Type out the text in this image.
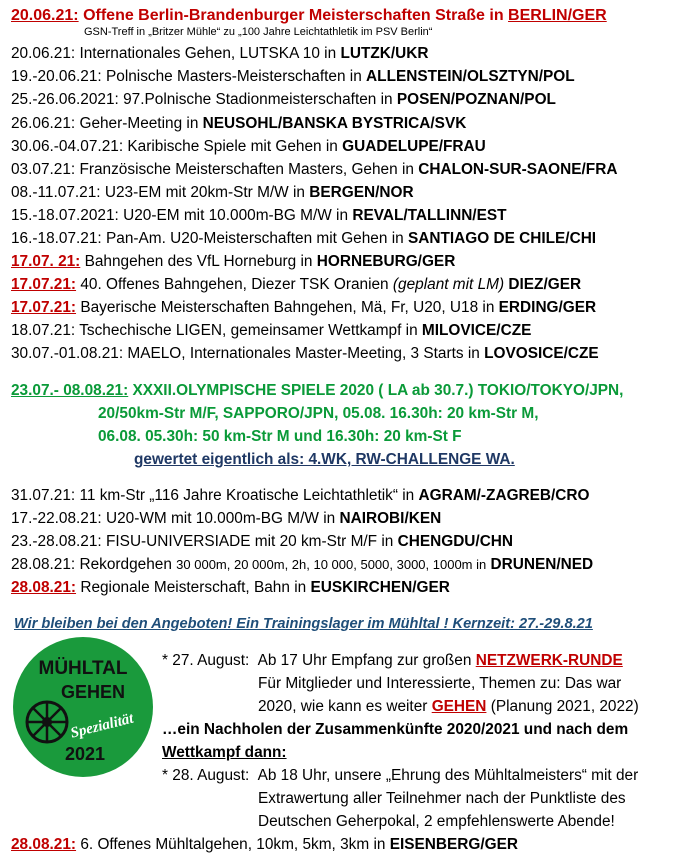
20.06.21: Offene Berlin-Brandenburger Meisterschaften Straße in BERLIN/GER
GSN-Treff in „Britzer Mühle“ zu „100 Jahre Leichtathletik im PSV Berlin“
20.06.21: Internationales Gehen, LUTSKA 10 in LUTZK/UKR
19.-20.06.21: Polnische Masters-Meisterschaften in ALLENSTEIN/OLSZTYN/POL
25.-26.06.2021: 97.Polnische Stadionmeisterschaften in POSEN/POZNAN/POL
26.06.21: Geher-Meeting in NEUSOHL/BANSKA BYSTRICA/SVK
30.06.-04.07.21: Karibische Spiele mit Gehen in GUADELUPE/FRAU
03.07.21: Französische Meisterschaften Masters, Gehen in CHALON-SUR-SAONE/FRA
08.-11.07.21: U23-EM mit 20km-Str M/W in BERGEN/NOR
15.-18.07.2021: U20-EM mit 10.000m-BG M/W in REVAL/TALLINN/EST
16.-18.07.21: Pan-Am. U20-Meisterschaften mit Gehen in SANTIAGO DE CHILE/CHI
17.07. 21: Bahngehen des VfL Horneburg in HORNEBURG/GER
17.07.21: 40. Offenes Bahngehen, Diezer TSK Oranien (geplant mit LM) DIEZ/GER
17.07.21: Bayerische Meisterschaften Bahngehen, Mä, Fr, U20, U18 in ERDING/GER
18.07.21: Tschechische LIGEN, gemeinsamer Wettkampf in MILOVICE/CZE
30.07.-01.08.21: MAELO, Internationales Master-Meeting, 3 Starts in LOVOSICE/CZE
23.07.- 08.08.21: XXXII.OLYMPISCHE SPIELE 2020 ( LA ab 30.7.) TOKIO/TOKYO/JPN,
20/50km-Str M/F, SAPPORO/JPN, 05.08. 16.30h: 20 km-Str M,
06.08. 05.30h: 50 km-Str M und 16.30h: 20 km-St F
gewertet eigentlich als: 4.WK, RW-CHALLENGE WA.
31.07.21: 11 km-Str „116 Jahre Kroatische Leichtathletik“ in AGRAM/-ZAGREB/CRO
17.-22.08.21: U20-WM mit 10.000m-BG M/W in NAIROBI/KEN
23.-28.08.21: FISU-UNIVERSIADE mit 20 km-Str M/F in CHENGDU/CHN
28.08.21: Rekordgehen 30 000m, 20 000m, 2h, 10 000, 5000, 3000, 1000m in DRUNEN/NED
28.08.21: Regionale Meisterschaft, Bahn in EUSKIRCHEN/GER
Wir bleiben bei den Angeboten! Ein Trainingslager im Mühltal ! Kernzeit: 27.-29.8.21
MÜHLTAL
GEHEN
Spezialität
2021
* 27. August: Ab 17 Uhr Empfang zur großen NETZWERK-RUNDE
Für Mitglieder und Interessierte, Themen zu: Das war
2020, wie kann es weiter GEHEN (Planung 2021, 2022)
…ein Nachholen der Zusammenkünfte 2020/2021 und nach dem
Wettkampf dann:
* 28. August: Ab 18 Uhr, unsere „Ehrung des Mühltalmeisters“ mit der
Extrawertung aller Teilnehmer nach der Punktliste des
Deutschen Geherpokal, 2 empfehlenswerte Abende!
28.08.21: 6. Offenes Mühltalgehen, 10km, 5km, 3km in EISENBERG/GER
